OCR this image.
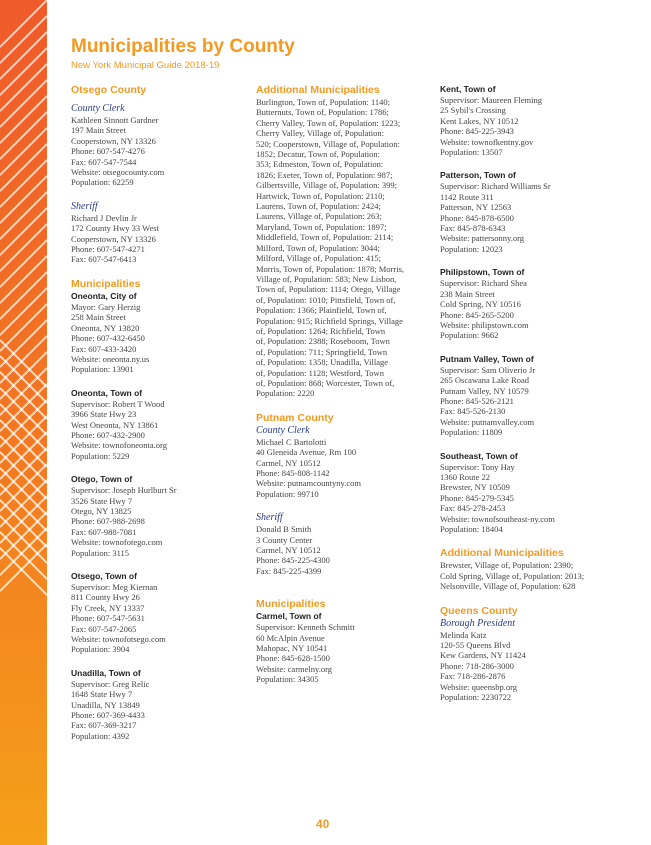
Municipalities by County
New York Municipal Guide 2018-19
Otsego County
County Clerk
Kathleen Sinnott Gardner
197 Main Street
Cooperstown, NY 13326
Phone: 607-547-4276
Fax: 607-547-7544
Website: otsegocounty.com
Population: 62259
Sheriff
Richard J Devlin Jr
172 County Hwy 33 West
Cooperstown, NY 13326
Phone: 607-547-4271
Fax: 607-547-6413
Municipalities
Oneonta, City of
Mayor: Gary Herzig
258 Main Street
Oneonta, NY 13820
Phone: 607-432-6450
Fax: 607-433-3420
Website: oneonta.ny.us
Population: 13901
Oneonta, Town of
Supervisor: Robert T Wood
3966 State Hwy 23
West Oneonta, NY 13861
Phone: 607-432-2900
Website: townofoneonta.org
Population: 5229
Otego, Town of
Supervisor: Joseph Hurlburt Sr
3526 State Hwy 7
Otego, NY 13825
Phone: 607-988-2698
Fax: 607-988-7081
Website: townofotego.com
Population: 3115
Otsego, Town of
Supervisor: Meg Kiernan
811 County Hwy 26
Fly Creek, NY 13337
Phone: 607-547-5631
Fax: 607-547-2065
Website: townofotsego.com
Population: 3904
Unadilla, Town of
Supervisor: Greg Relic
1648 State Hwy 7
Unadilla, NY 13849
Phone: 607-369-4433
Fax: 607-369-3217
Population: 4392
Additional Municipalities
Burlington, Town of, Population: 1140;
Butternuts, Town of, Population: 1786;
Cherry Valley, Town of, Population: 1223;
Cherry Valley, Village of, Population:
520; Cooperstown, Village of, Population:
1852; Decatur, Town of, Population:
353; Edmeston, Town of, Population:
1826; Exeter, Town of, Population: 987;
Gilbertsville, Village of, Population: 399;
Hartwick, Town of, Population: 2110;
Laurens, Town of, Population: 2424;
Laurens, Village of, Population: 263;
Maryland, Town of, Population: 1897;
Middlefield, Town of, Population: 2114;
Milford, Town of, Population: 3044;
Milford, Village of, Population: 415;
Morris, Town of, Population: 1878; Morris,
Village of, Population: 583; New Lisbon,
Town of, Population: 1114; Otego, Village
of, Population: 1010; Pittsfield, Town of,
Population: 1366; Plainfield, Town of,
Population: 915; Richfield Springs, Village
of, Population: 1264; Richfield, Town
of, Population: 2388; Roseboom, Town
of, Population: 711; Springfield, Town
of, Population: 1358; Unadilla, Village
of, Population: 1128; Westford, Town
of, Population: 868; Worcester, Town of,
Population: 2220
Putnam County
County Clerk
Michael C Bartolotti
40 Gleneida Avenue, Rm 100
Carmel, NY 10512
Phone: 845-808-1142
Website: putnamcountyny.com
Population: 99710
Sheriff
Donald B Smith
3 County Center
Carmel, NY 10512
Phone: 845-225-4300
Fax: 845-225-4399
Municipalities
Carmel, Town of
Supervisor: Kenneth Schmitt
60 McAlpin Avenue
Mahopac, NY 10541
Phone: 845-628-1500
Website: carmelny.org
Population: 34305
Kent, Town of
Supervisor: Maureen Fleming
25 Sybil's Crossing
Kent Lakes, NY 10512
Phone: 845-225-3943
Website: townofkentny.gov
Population: 13507
Patterson, Town of
Supervisor: Richard Williams Sr
1142 Route 311
Patterson, NY 12563
Phone: 845-878-6500
Fax: 845-878-6343
Website: pattersonny.org
Population: 12023
Philipstown, Town of
Supervisor: Richard Shea
238 Main Street
Cold Spring, NY 10516
Phone: 845-265-5200
Website: philipstown.com
Population: 9662
Putnam Valley, Town of
Supervisor: Sam Oliverio Jr
265 Oscawana Lake Road
Putnam Valley, NY 10579
Phone: 845-526-2121
Fax: 845-526-2130
Website: putnamvalley.com
Population: 11809
Southeast, Town of
Supervisor: Tony Hay
1360 Route 22
Brewster, NY 10509
Phone: 845-279-5345
Fax: 845-278-2453
Website: townofsoutheast-ny.com
Population: 18404
Additional Municipalities
Brewster, Village of, Population: 2390;
Cold Spring, Village of, Population: 2013;
Nelsonville, Village of, Population: 628
Queens County
Borough President
Melinda Katz
120-55 Queens Blvd
Kew Gardens, NY 11424
Phone: 718-286-3000
Fax: 718-286-2876
Website: queensbp.org
Population: 2230722
40
